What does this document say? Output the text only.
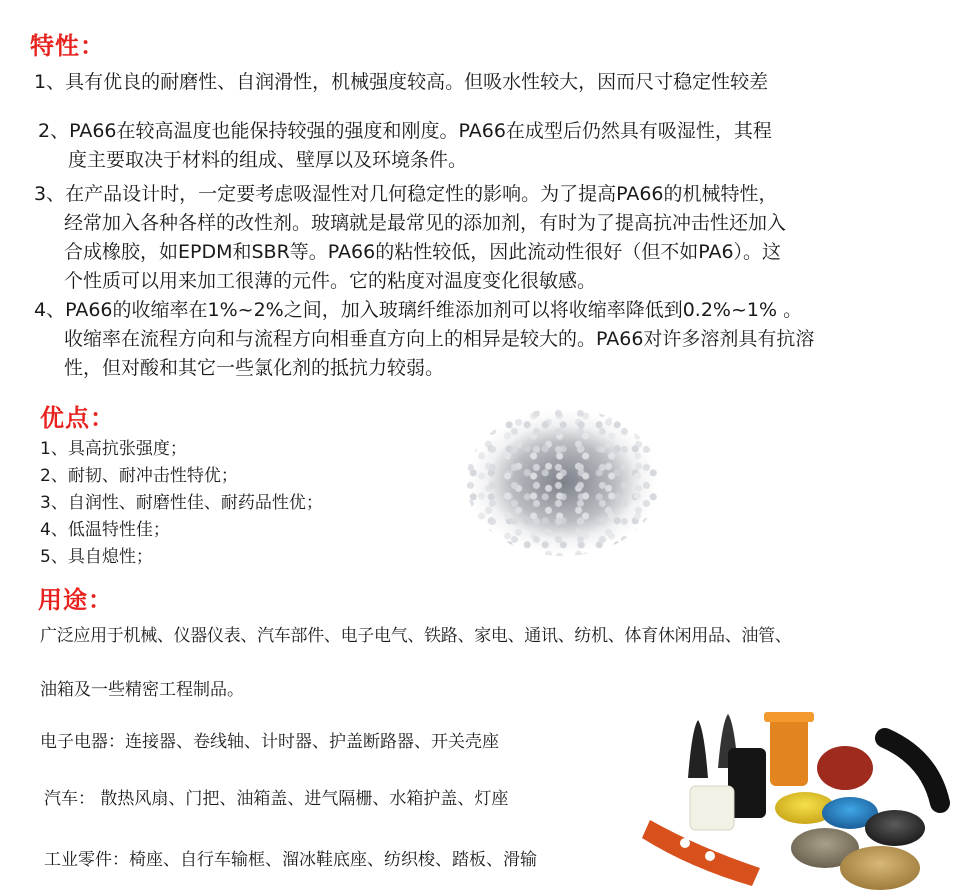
特性：
1、具有优良的耐磨性、自润滑性，机械强度较高。但吸水性较大，因而尺寸稳定性较差
2、PA66在较高温度也能保持较强的强度和刚度。PA66在成型后仍然具有吸湿性，其程
度主要取决于材料的组成、壁厚以及环境条件。
3、在产品设计时，一定要考虑吸湿性对几何稳定性的影响。为了提高PA66的机械特性，
经常加入各种各样的改性剂。玻璃就是最常见的添加剂，有时为了提高抗冲击性还加入
合成橡胶，如EPDM和SBR等。PA66的粘性较低，因此流动性很好（但不如PA6）。这
个性质可以用来加工很薄的元件。它的粘度对温度变化很敏感。
4、PA66的收缩率在1%~2%之间，加入玻璃纤维添加剂可以将收缩率降低到0.2%~1% 。
收缩率在流程方向和与流程方向相垂直方向上的相异是较大的。PA66对许多溶剂具有抗溶
性，但对酸和其它一些氯化剂的抵抗力较弱。
优点：
1、具高抗张强度；
2、耐韧、耐冲击性特优；
3、自润性、耐磨性佳、耐药品性优；
4、低温特性佳；
5、具自熄性；
用途：
广泛应用于机械、仪器仪表、汽车部件、电子电气、铁路、家电、通讯、纺机、体育休闲用品、油管、
油箱及一些精密工程制品。
电子电器：连接器、卷线轴、计时器、护盖断路器、开关壳座
汽车： 散热风扇、门把、油箱盖、进气隔栅、水箱护盖、灯座
工业零件：椅座、自行车输框、溜冰鞋底座、纺织梭、踏板、滑输
